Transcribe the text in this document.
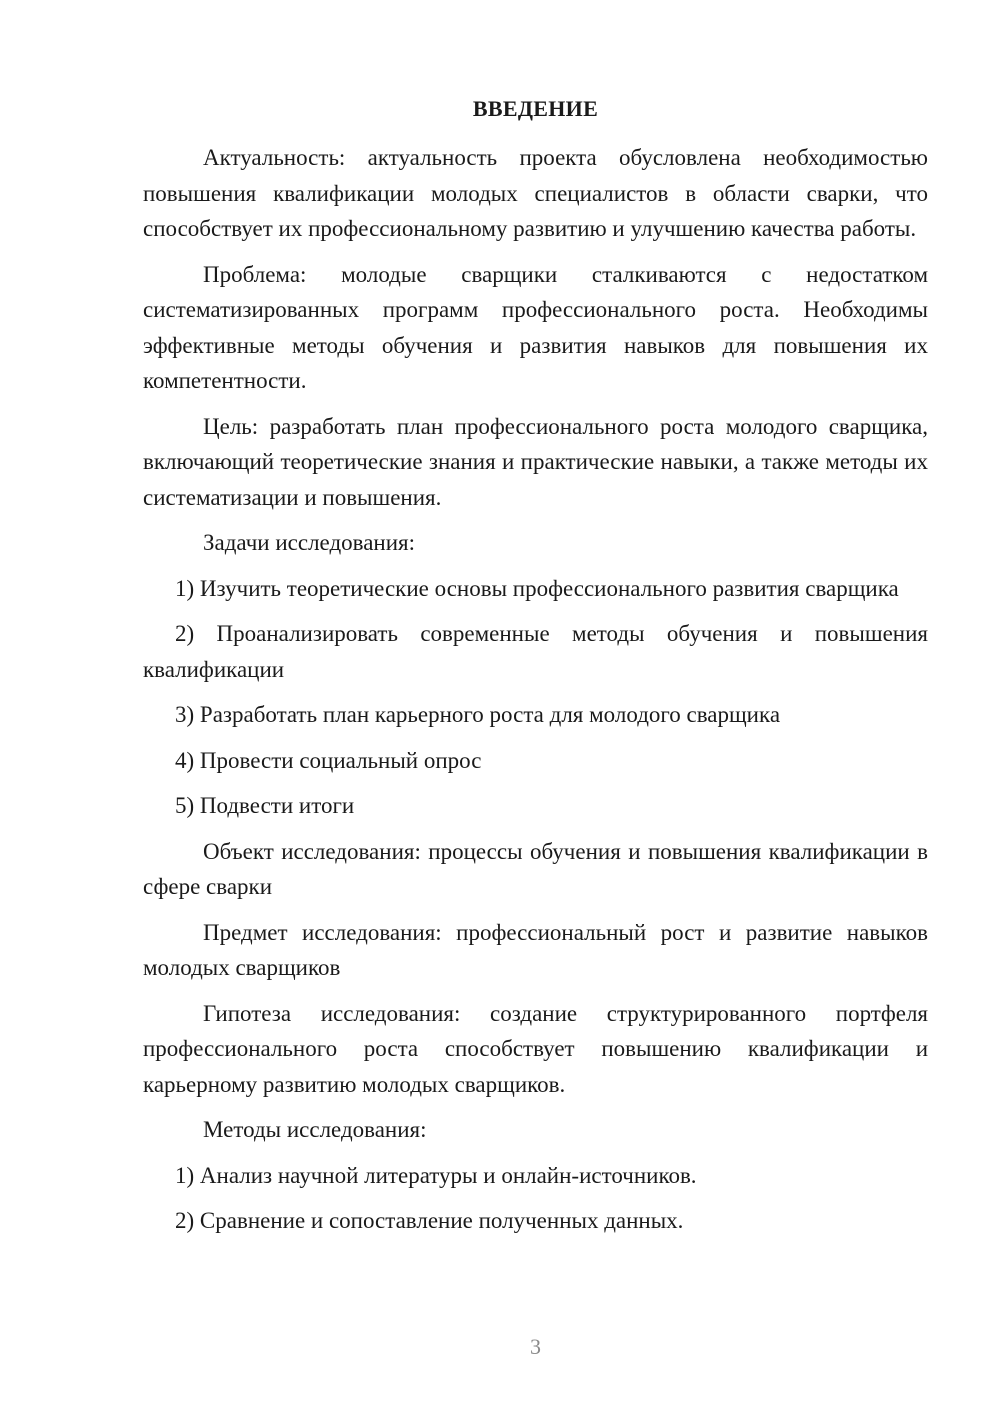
ВВЕДЕНИЕ

Актуальность: актуальность проекта обусловлена необходимостью повышения квалификации молодых специалистов в области сварки, что способствует их профессиональному развитию и улучшению качества работы.

Проблема: молодые сварщики сталкиваются с недостатком систематизированных программ профессионального роста. Необходимы эффективные методы обучения и развития навыков для повышения их компетентности.

Цель: разработать план профессионального роста молодого сварщика, включающий теоретические знания и практические навыки, а также методы их систематизации и повышения.

Задачи исследования:

1) Изучить теоретические основы профессионального развития сварщика

2) Проанализировать современные методы обучения и повышения квалификации

3) Разработать план карьерного роста для молодого сварщика

4) Провести социальный опрос

5) Подвести итоги

Объект исследования: процессы обучения и повышения квалификации в сфере сварки

Предмет исследования: профессиональный рост и развитие навыков молодых сварщиков

Гипотеза исследования: создание структурированного портфеля профессионального роста способствует повышению квалификации и карьерному развитию молодых сварщиков.

Методы исследования:

1) Анализ научной литературы и онлайн-источников.

2) Сравнение и сопоставление полученных данных.

3
